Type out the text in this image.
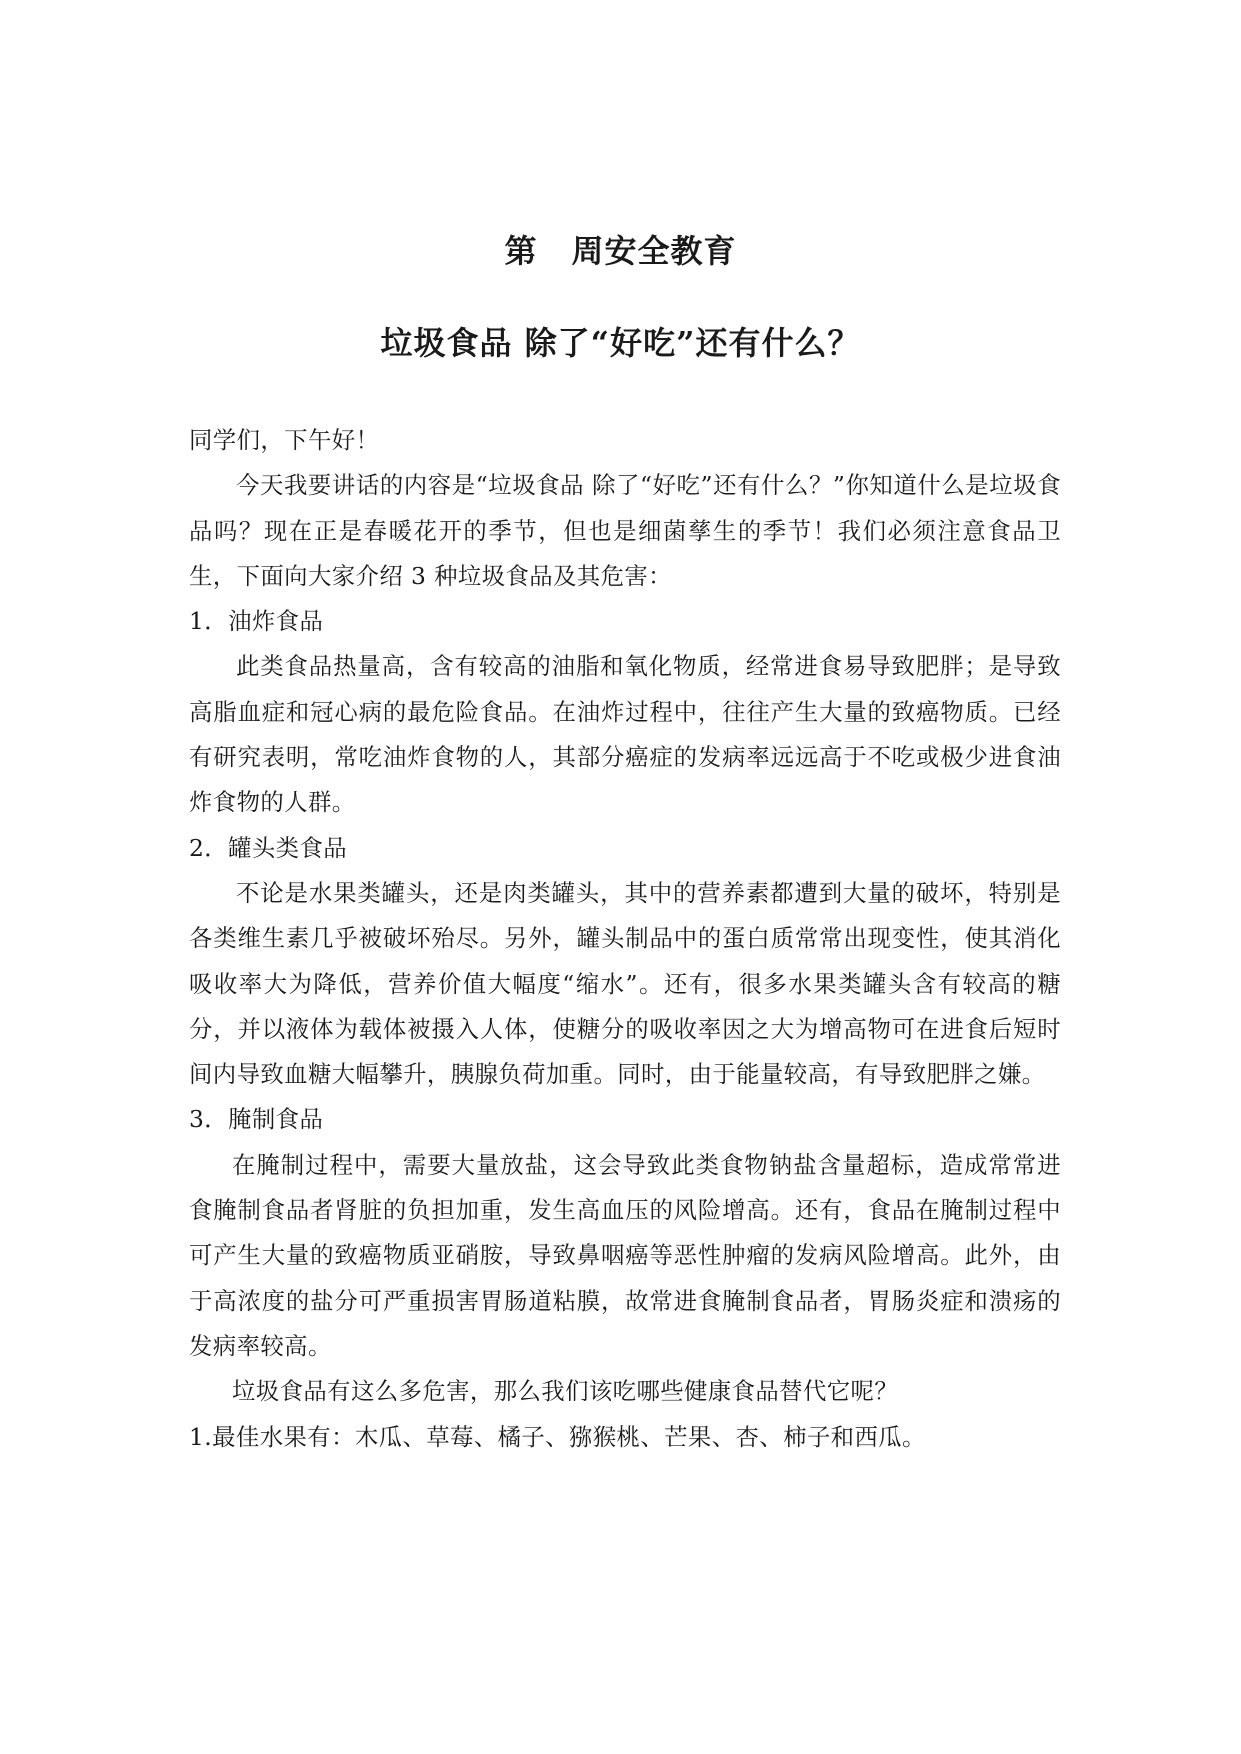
第 周安全教育
垃圾食品 除了“好吃”还有什么？

同学们，下午好！

今天我要讲话的内容是“垃圾食品 除了“好吃”还有什么？”你知道什么是垃圾食品吗？现在正是春暖花开的季节，但也是细菌孳生的季节！我们必须注意食品卫生，下面向大家介绍 3 种垃圾食品及其危害：

1．油炸食品

此类食品热量高，含有较高的油脂和氧化物质，经常进食易导致肥胖；是导致高脂血症和冠心病的最危险食品。在油炸过程中，往往产生大量的致癌物质。已经有研究表明，常吃油炸食物的人，其部分癌症的发病率远远高于不吃或极少进食油炸食物的人群。

2．罐头类食品

不论是水果类罐头，还是肉类罐头，其中的营养素都遭到大量的破坏，特别是各类维生素几乎被破坏殆尽。另外，罐头制品中的蛋白质常常出现变性，使其消化吸收率大为降低，营养价值大幅度“缩水”。还有，很多水果类罐头含有较高的糖分，并以液体为载体被摄入人体，使糖分的吸收率因之大为增高物可在进食后短时间内导致血糖大幅攀升，胰腺负荷加重。同时，由于能量较高，有导致肥胖之嫌。

3．腌制食品

在腌制过程中，需要大量放盐，这会导致此类食物钠盐含量超标，造成常常进食腌制食品者肾脏的负担加重，发生高血压的风险增高。还有，食品在腌制过程中可产生大量的致癌物质亚硝胺，导致鼻咽癌等恶性肿瘤的发病风险增高。此外，由于高浓度的盐分可严重损害胃肠道粘膜，故常进食腌制食品者，胃肠炎症和溃疡的发病率较高。

垃圾食品有这么多危害，那么我们该吃哪些健康食品替代它呢？

1.最佳水果有：木瓜、草莓、橘子、猕猴桃、芒果、杏、柿子和西瓜。
